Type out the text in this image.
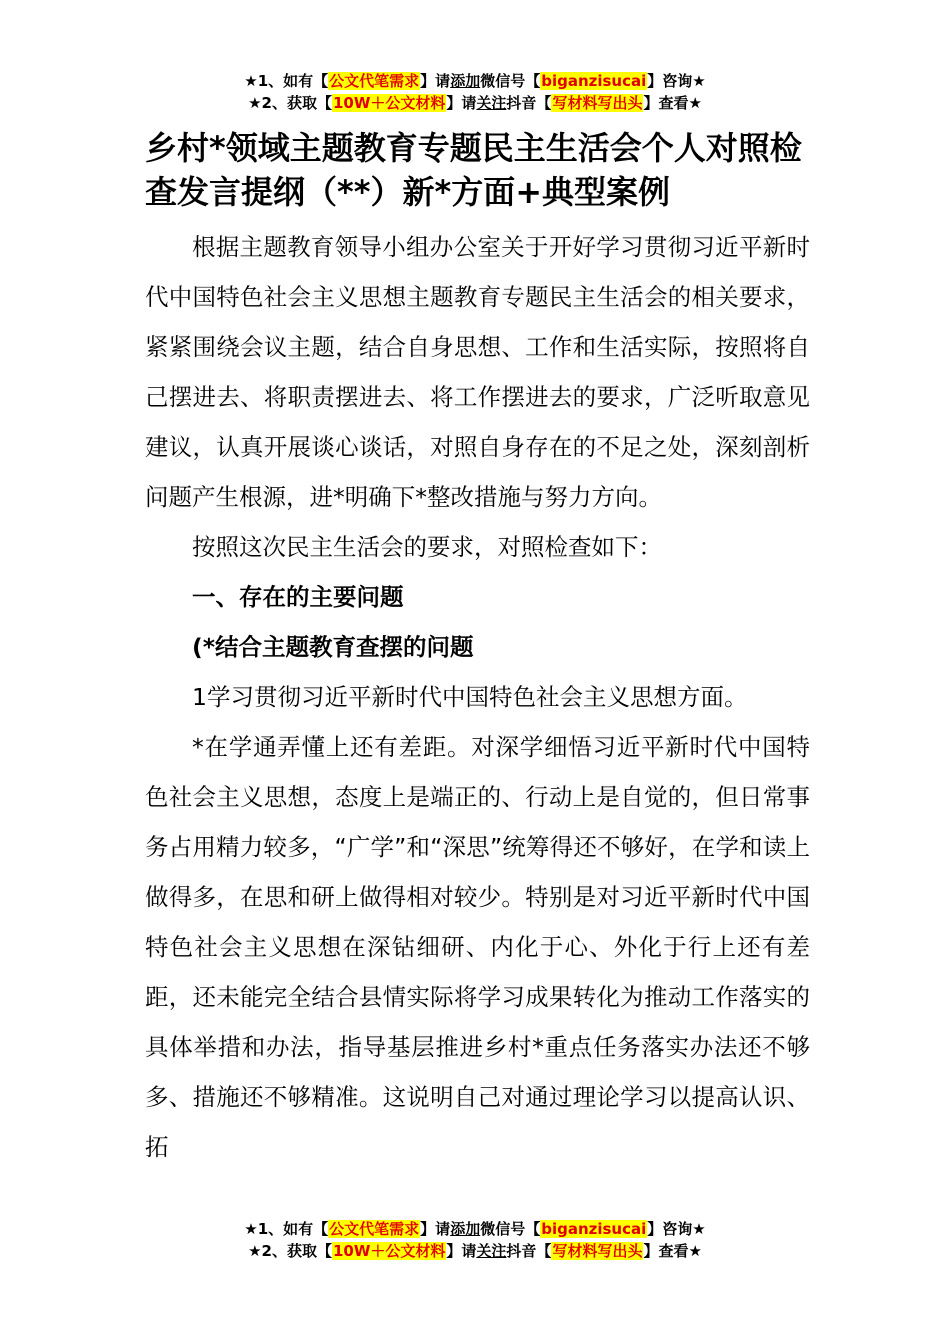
★1、如有【公文代笔需求】请添加微信号【biganzisucai】咨询★
★2、获取【10W＋公文材料】请关注抖音【写材料写出头】查看★
乡村*领域主题教育专题民主生活会个人对照检查发言提纲（**）新*方面+典型案例

根据主题教育领导小组办公室关于开好学习贯彻习近平新时代中国特色社会主义思想主题教育专题民主生活会的相关要求，紧紧围绕会议主题，结合自身思想、工作和生活实际，按照将自己摆进去、将职责摆进去、将工作摆进去的要求，广泛听取意见建议，认真开展谈心谈话，对照自身存在的不足之处，深刻剖析问题产生根源，进*明确下*整改措施与努力方向。

按照这次民主生活会的要求，对照检查如下：

一、存在的主要问题

(*结合主题教育查摆的问题

1学习贯彻习近平新时代中国特色社会主义思想方面。

*在学通弄懂上还有差距。对深学细悟习近平新时代中国特色社会主义思想，态度上是端正的、行动上是自觉的，但日常事务占用精力较多，“广学”和“深思”统筹得还不够好，在学和读上做得多，在思和研上做得相对较少。特别是对习近平新时代中国特色社会主义思想在深钻细研、内化于心、外化于行上还有差距，还未能完全结合县情实际将学习成果转化为推动工作落实的具体举措和办法，指导基层推进乡村*重点任务落实办法还不够多、措施还不够精准。这说明自己对通过理论学习以提高认识、拓

★1、如有【公文代笔需求】请添加微信号【biganzisucai】咨询★
★2、获取【10W＋公文材料】请关注抖音【写材料写出头】查看★
